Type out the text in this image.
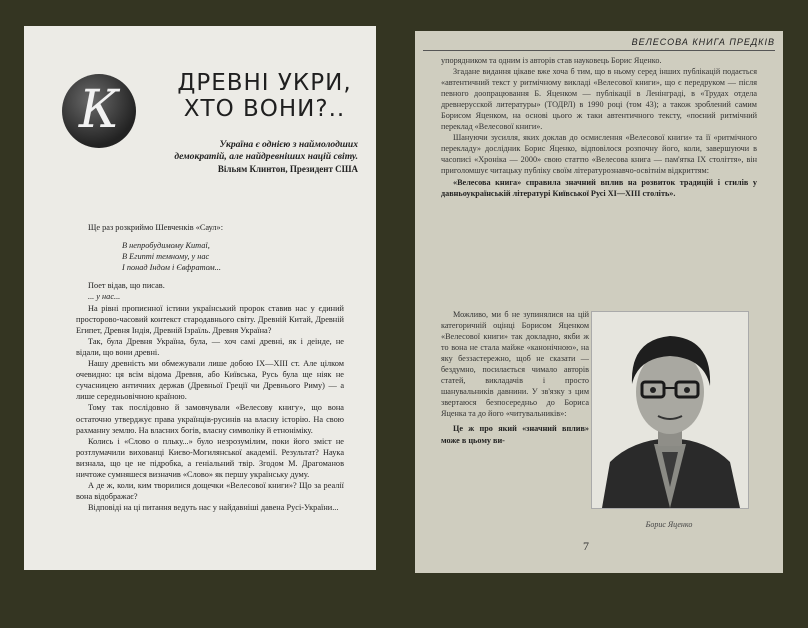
К	ДРЕВНІ УКРИ,
ХТО ВОНИ?..
Україна є однією з наймолодших
демократій, але найдревніших націй світу.
Вільям Клинтон, Президент США

Ще раз розкриймо Шевченків «Саул»:

В непробудимому Китаї,

В Египті темному, у нас

І понад Індом і Євфратом...

Поет відав, що писав.

... у нас...

На рівні пропиєнної істини український пророк ставив нас у єдиний просторово-часовий контекст стародавнього світу. Древній Китай, Древній Египет, Древня Індія, Древній Ізраїль. Древня Україна?

Так, була Древня Україна, була, — хоч самі древні, як і деінде, не відали, що вони древні.

Нашу древність ми обмежували лише добою IX—XIII ст. Але цілком очевидно: ця всім відома Древня, або Київська, Русь була ще ніяк не сучасницею античних держав (Древньої Греції чи Древнього Риму) — а лише середньовічною країною.

Тому так послідовно й замовчували «Велесову книгу», що вона остаточно утверджує права українців-русинів на власну історію. На свою рахманну землю. На власних богів, власну символіку й етноніміку.

Колись і «Слово о пльку...» було незрозумілим, поки його зміст не розтлумачили вихованці Києво-Могилянської академії. Результат? Наука визнала, що це не підробка, а геніальний твір. Згодом М. Драгоманов ничтоже сумняшеся визначив «Слово» як першу українську думу.

А де ж, коли, ким творилися дощечки «Велесової книги»? Що за реалії вона відображає?

Відповіді на ці питання ведуть нас у найдавніші давена Русі-України...

ВЕЛЕСОВА КНИГА ПРЕДКІВ

упорядником та одним із авторів став науковець Борис Яценко.

Згадане видання цікаве вже хоча б тим, що в ньому серед інших публікацій подається «автентичний текст у ритмічному викладі «Велесової книги», що є передруком — після певного доопрацювання Б. Яценком — публікації в Ленінграді, в «Трудах отдела древнерусской литературы» (ТОДРЛ) в 1990 році (том 43); а також зроблений самим Борисом Яценком, на основі цього ж таки автентичного тексту, «поєний ритмічний переклад «Велесової книги».

Шануючи зусилля, яких доклав до осмислення «Велесової книги» та її «ритмічного перекладу» дослідник Борис Яценко, відповілося розпочну його, коли, завершуючи в часописі «Хроніка — 2000» свою статтю «Велесова книга — пам'ятка IX століття», він приголомшує читацьку публіку своїм літературознавчо-освітнім відкриттям:

«Велесова книга» справила значний вплив на розвиток традицій і стилів у давньоукраїнській літературі Київської Русі XI—XIII століть».

Можливо, ми б не зупинялися на цій категоричній оцінці Борисом Яценком «Велесової книги» так докладно, якби ж то вона не стала майже «канонічною», на яку беззастережно, щоб не сказати — бездумно, посилається чимало авторів статей, викладачів і просто шанувальників давнини. У зв'язку з цим звертаюся безпосередньо до Бориса Яценка та до його «читувальників»:

Це ж про який «значний вплив» може в цьому ви-

Борис Яценко
7
